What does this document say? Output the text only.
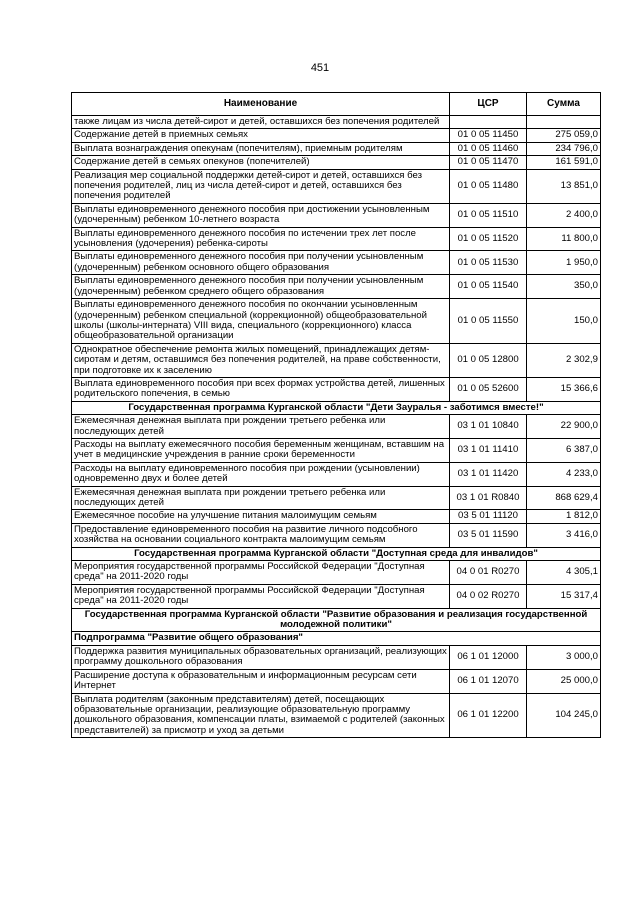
451
Наименование	ЦСР	Сумма
также лицам из числа детей-сирот и детей, оставшихся без попечения родителей		
Содержание детей в приемных семьях	01 0 05 11450	275 059,0
Выплата вознаграждения опекунам (попечителям), приемным родителям	01 0 05 11460	234 796,0
Содержание детей в семьях опекунов (попечителей)	01 0 05 11470	161 591,0
Реализация мер социальной поддержки детей-сирот и детей, оставшихся без попечения родителей, лиц из числа детей-сирот и детей, оставшихся без попечения родителей	01 0 05 11480	13 851,0
Выплаты единовременного денежного пособия при достижении усыновленным (удочеренным) ребенком 10-летнего возраста	01 0 05 11510	2 400,0
Выплаты единовременного денежного пособия по истечении трех лет после усыновления (удочерения) ребенка-сироты	01 0 05 11520	11 800,0
Выплаты единовременного денежного пособия при получении усыновленным (удочеренным) ребенком основного общего образования	01 0 05 11530	1 950,0
Выплаты единовременного денежного пособия при получении усыновленным (удочеренным) ребенком среднего общего образования	01 0 05 11540	350,0
Выплаты единовременного денежного пособия по окончании усыновленным (удочеренным) ребенком специальной (коррекционной) общеобразовательной школы (школы-интерната) VIII вида, специального (коррекционного) класса общеобразовательной организации	01 0 05 11550	150,0
Однократное обеспечение ремонта жилых помещений, принадлежащих детям-сиротам и детям, оставшимся без попечения родителей, на праве собственности, при подготовке их к заселению	01 0 05 12800	2 302,9
Выплата единовременного пособия при всех формах устройства детей, лишенных родительского попечения, в семью	01 0 05 52600	15 366,6
Государственная программа Курганской области "Дети Зауралья - заботимся вместе!"		
Ежемесячная денежная выплата при рождении третьего ребенка или последующих детей	03 1 01 10840	22 900,0
Расходы на выплату ежемесячного пособия беременным женщинам, вставшим на учет в медицинские учреждения в ранние сроки беременности	03 1 01 11410	6 387,0
Расходы на выплату единовременного пособия при рождении (усыновлении) одновременно двух и более детей	03 1 01 11420	4 233,0
Ежемесячная денежная выплата при рождении третьего ребенка или последующих детей	03 1 01 R0840	868 629,4
Ежемесячное пособие на улучшение питания малоимущим семьям	03 5 01 11120	1 812,0
Предоставление единовременного пособия на развитие личного подсобного хозяйства на основании социального контракта малоимущим семьям	03 5 01 11590	3 416,0
Государственная программа Курганской области "Доступная среда для инвалидов"		
Мероприятия государственной программы Российской Федерации "Доступная среда" на 2011-2020 годы	04 0 01 R0270	4 305,1
Мероприятия государственной программы Российской Федерации "Доступная среда" на 2011-2020 годы	04 0 02 R0270	15 317,4
Государственная программа Курганской области "Развитие образования и реализация государственной молодежной политики"		
Подпрограмма "Развитие общего образования"		
Поддержка развития муниципальных образовательных организаций, реализующих программу дошкольного образования	06 1 01 12000	3 000,0
Расширение доступа к образовательным и информационным ресурсам сети Интернет	06 1 01 12070	25 000,0
Выплата родителям (законным представителям) детей, посещающих образовательные организации, реализующие образовательную программу дошкольного образования, компенсации платы, взимаемой с родителей (законных представителей) за присмотр и уход за детьми	06 1 01 12200	104 245,0
